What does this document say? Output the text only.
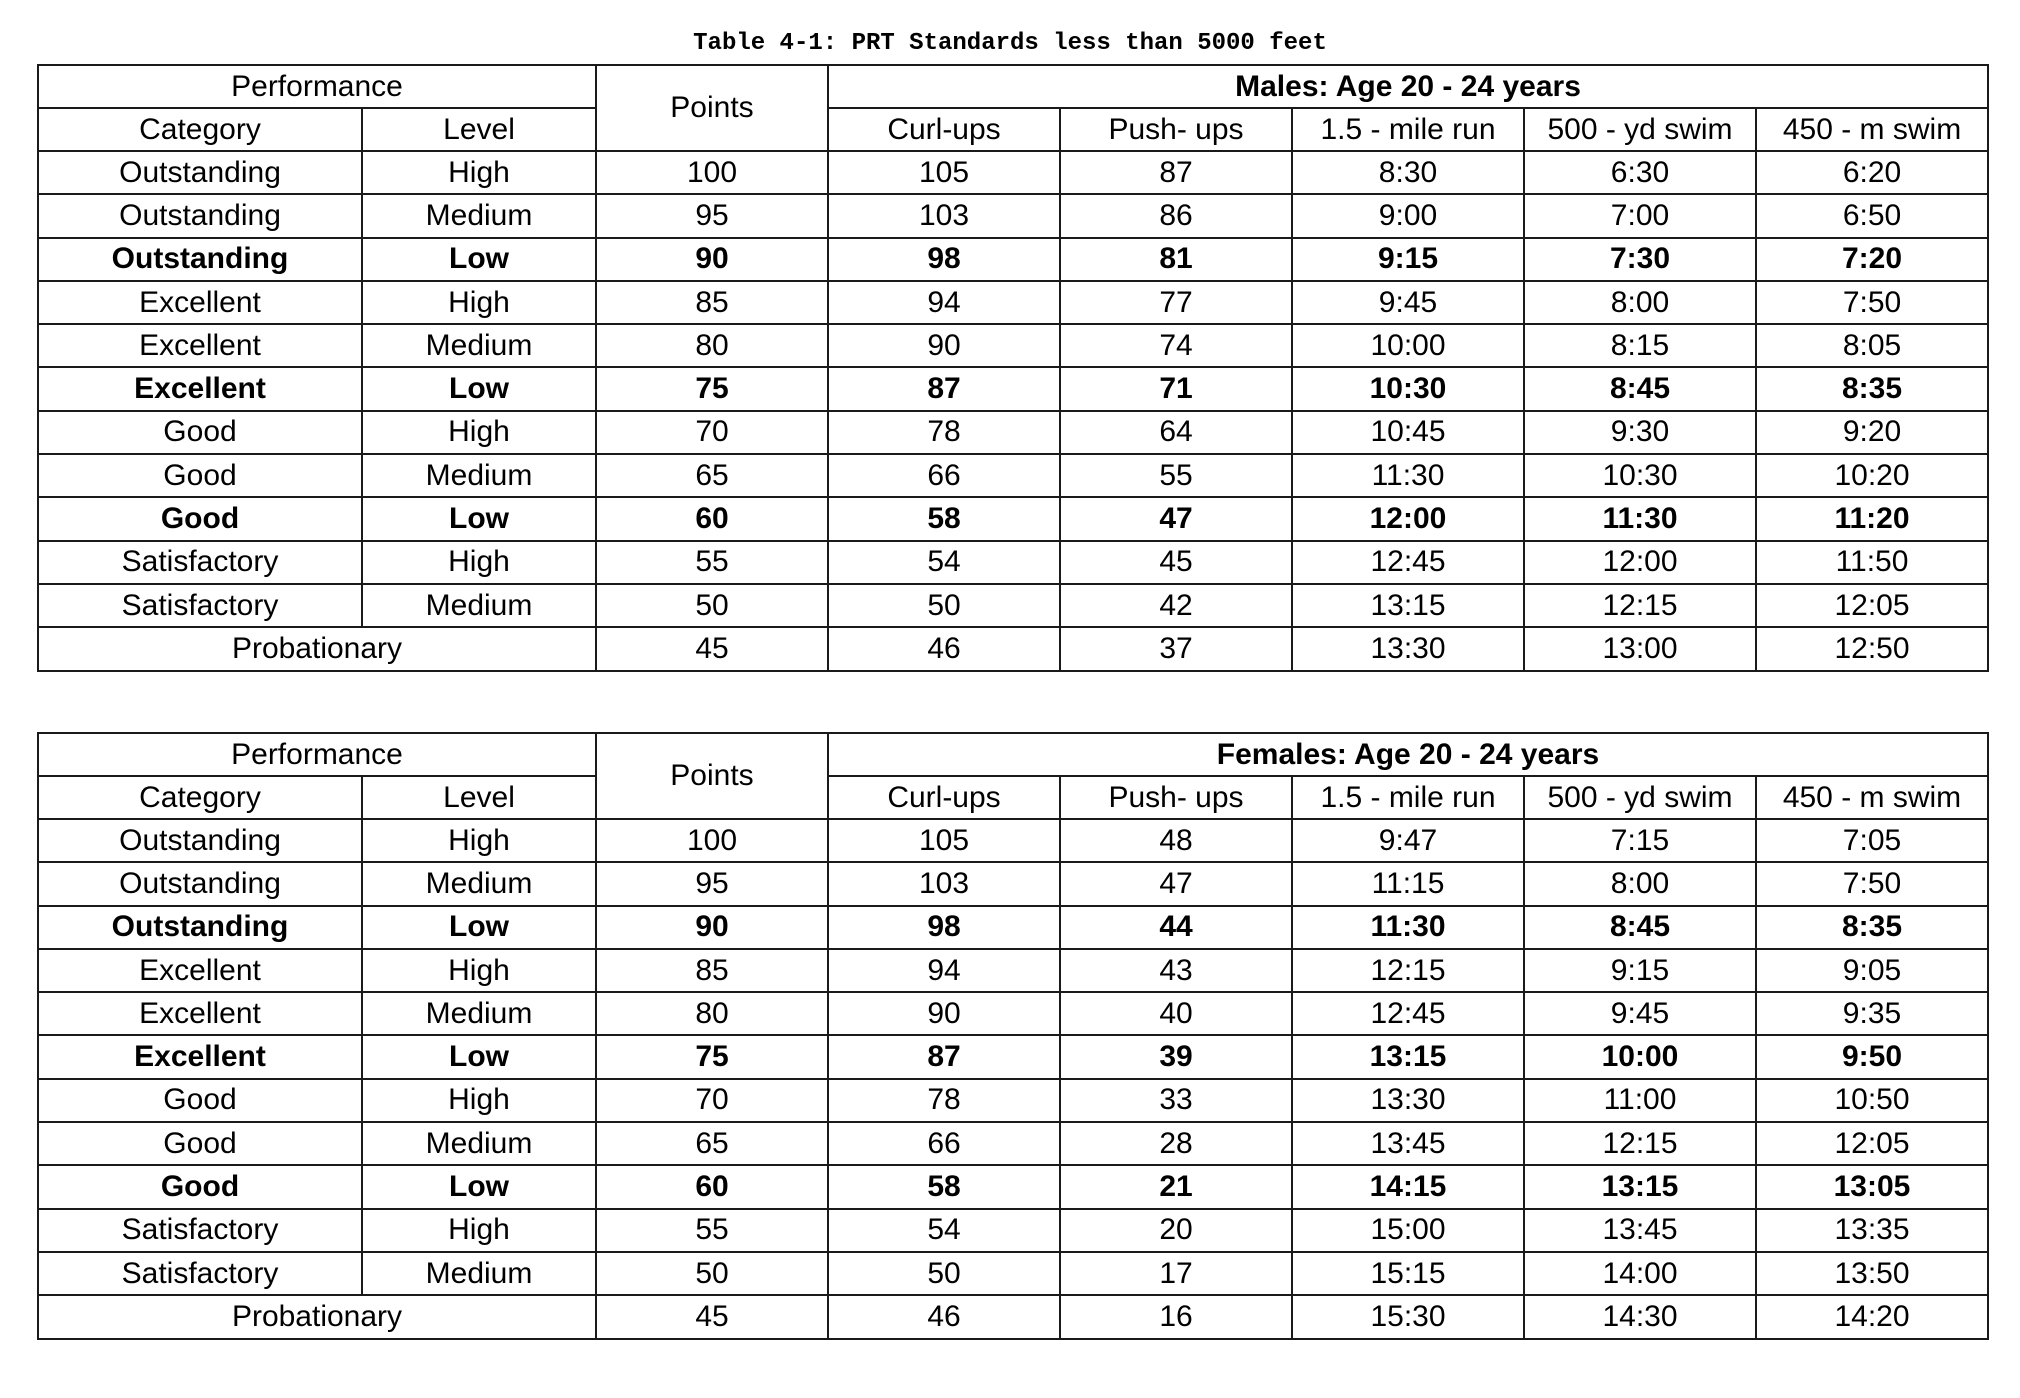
Table 4-1: PRT Standards less than 5000 feet
Performance		Points	Males: Age 20 - 24 years				
			Curl-ups	Push- ups	1.5 - mile run	500 - yd swim	450 - m swim
Category	Level						
Outstanding	High	100	105	87	8:30	6:30	6:20
Outstanding	Medium	95	103	86	9:00	7:00	6:50
Outstanding	Low	90	98	81	9:15	7:30	7:20
Excellent	High	85	94	77	9:45	8:00	7:50
Excellent	Medium	80	90	74	10:00	8:15	8:05
Excellent	Low	75	87	71	10:30	8:45	8:35
Good	High	70	78	64	10:45	9:30	9:20
Good	Medium	65	66	55	11:30	10:30	10:20
Good	Low	60	58	47	12:00	11:30	11:20
Satisfactory	High	55	54	45	12:45	12:00	11:50
Satisfactory	Medium	50	50	42	13:15	12:15	12:05
Probationary		45	46	37	13:30	13:00	12:50
Performance		Points	Females: Age 20 - 24 years				
			Curl-ups	Push- ups	1.5 - mile run	500 - yd swim	450 - m swim
Category	Level						
Outstanding	High	100	105	48	9:47	7:15	7:05
Outstanding	Medium	95	103	47	11:15	8:00	7:50
Outstanding	Low	90	98	44	11:30	8:45	8:35
Excellent	High	85	94	43	12:15	9:15	9:05
Excellent	Medium	80	90	40	12:45	9:45	9:35
Excellent	Low	75	87	39	13:15	10:00	9:50
Good	High	70	78	33	13:30	11:00	10:50
Good	Medium	65	66	28	13:45	12:15	12:05
Good	Low	60	58	21	14:15	13:15	13:05
Satisfactory	High	55	54	20	15:00	13:45	13:35
Satisfactory	Medium	50	50	17	15:15	14:00	13:50
Probationary		45	46	16	15:30	14:30	14:20
